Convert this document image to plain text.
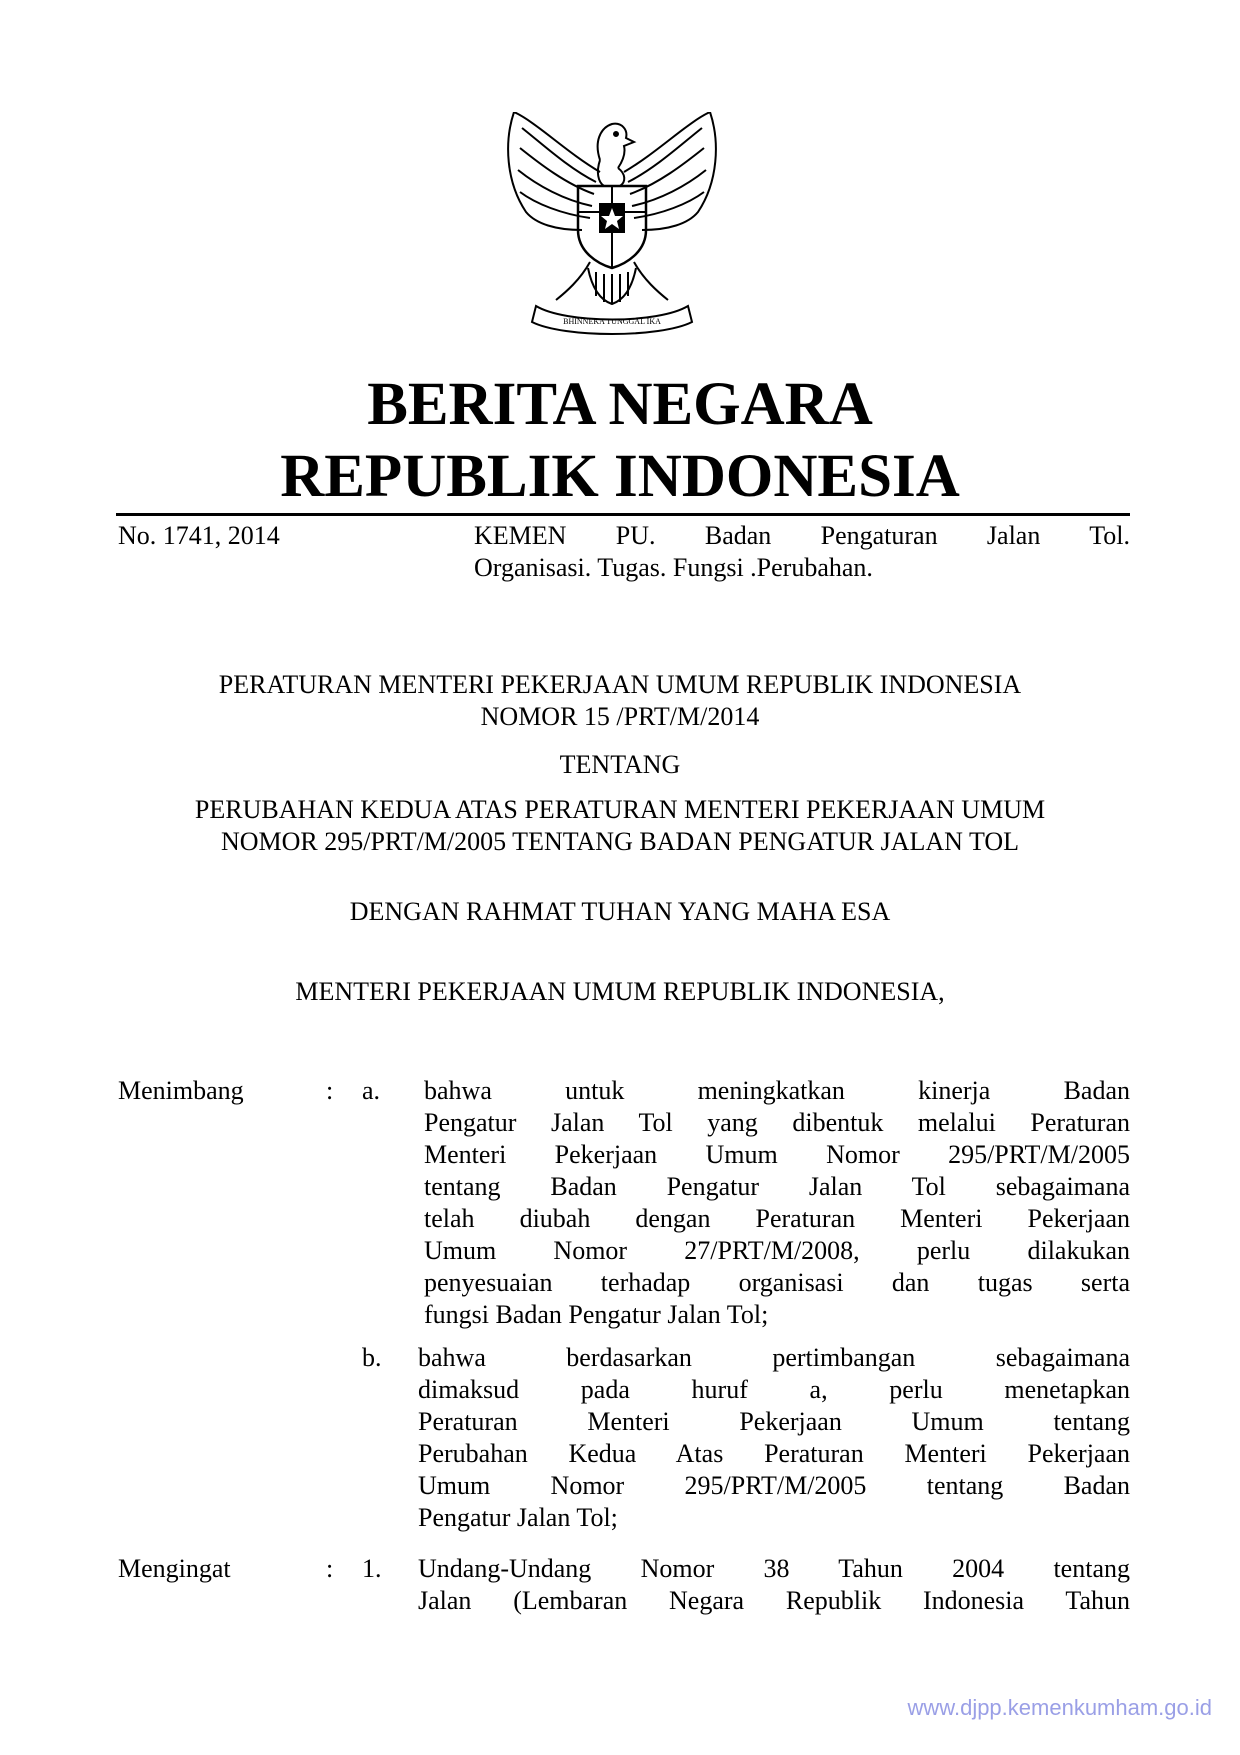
BHINNEKA TUNGGAL IKA
BERITA NEGARA
REPUBLIK INDONESIA
No. 1741, 2014	KEMEN PU. Badan Pengaturan Jalan Tol.
Organisasi. Tugas. Fungsi .Perubahan.
PERATURAN MENTERI PEKERJAAN UMUM REPUBLIK INDONESIA
NOMOR 15 /PRT/M/2014
TENTANG
PERUBAHAN KEDUA ATAS PERATURAN MENTERI PEKERJAAN UMUM
NOMOR 295/PRT/M/2005 TENTANG BADAN PENGATUR JALAN TOL
DENGAN RAHMAT TUHAN YANG MAHA ESA
MENTERI PEKERJAAN UMUM REPUBLIK INDONESIA,
Menimbang	: a. bahwa untuk meningkatkan kinerja Badan
Pengatur Jalan Tol yang dibentuk melalui Peraturan
Menteri Pekerjaan Umum Nomor 295/PRT/M/2005
tentang Badan Pengatur Jalan Tol sebagaimana
telah diubah dengan Peraturan Menteri Pekerjaan
Umum Nomor 27/PRT/M/2008, perlu dilakukan
penyesuaian terhadap organisasi dan tugas serta
fungsi Badan Pengatur Jalan Tol;
b. bahwa berdasarkan pertimbangan sebagaimana
dimaksud pada huruf a, perlu menetapkan
Peraturan Menteri Pekerjaan Umum tentang
Perubahan Kedua Atas Peraturan Menteri Pekerjaan
Umum Nomor 295/PRT/M/2005 tentang Badan
Pengatur Jalan Tol;
Mengingat	: 1. Undang-Undang Nomor 38 Tahun 2004 tentang
Jalan (Lembaran Negara Republik Indonesia Tahun
www.djpp.kemenkumham.go.id
